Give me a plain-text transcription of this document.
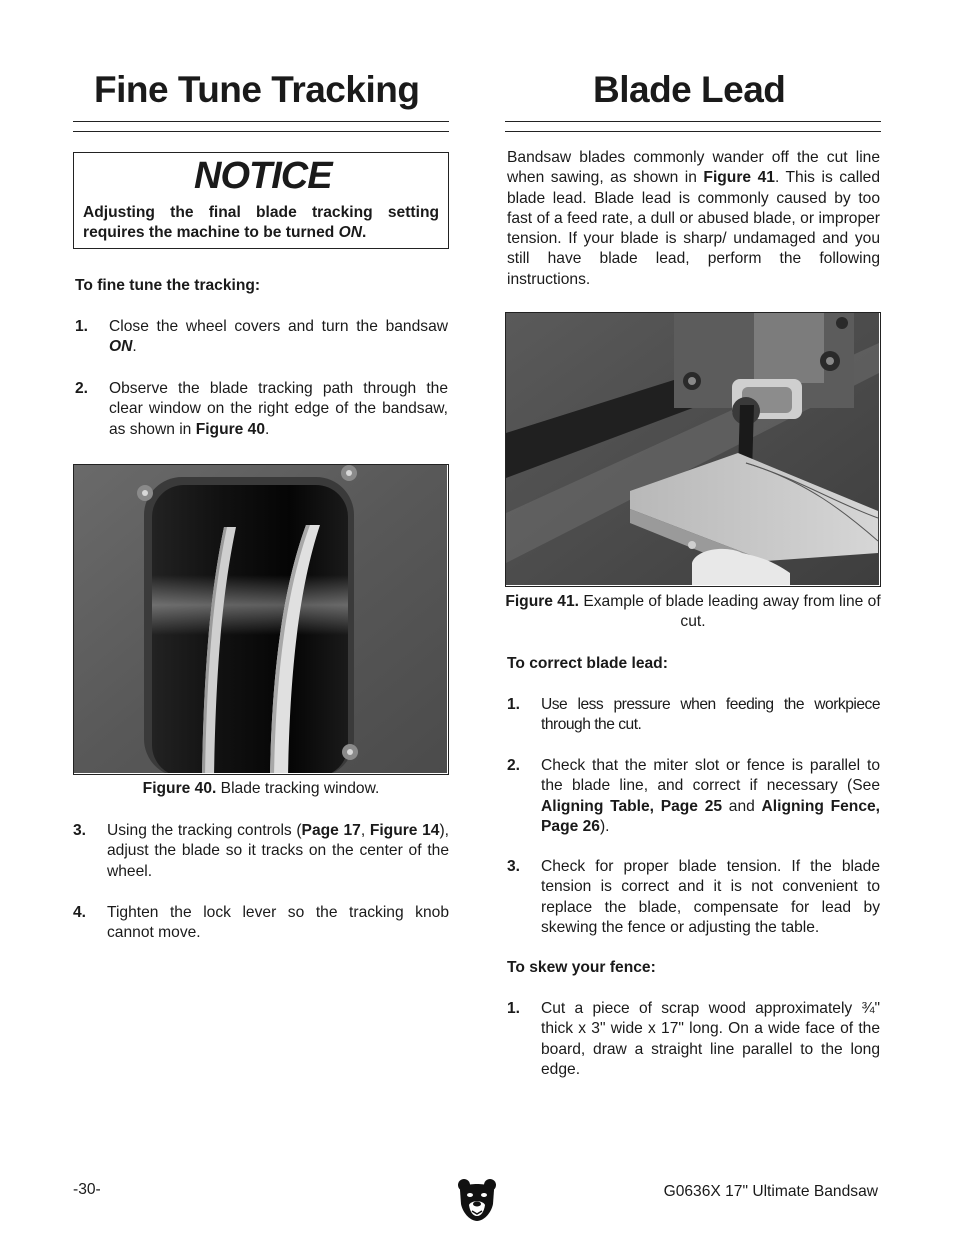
Fine Tune Tracking
NOTICE
Adjusting the final blade tracking setting requires the machine to be turned ON.
To fine tune the tracking:
1. Close the wheel covers and turn the bandsaw ON.
2. Observe the blade tracking path through the clear window on the right edge of the bandsaw, as shown in Figure 40.
Figure 40. Blade tracking window.
3. Using the tracking controls (Page 17, Figure 14), adjust the blade so it tracks on the center of the wheel.
4. Tighten the lock lever so the tracking knob cannot move.
Blade Lead
Bandsaw blades commonly wander off the cut line when sawing, as shown in Figure 41. This is called blade lead. Blade lead is commonly caused by too fast of a feed rate, a dull or abused blade, or improper tension. If your blade is sharp/ undamaged and you still have blade lead, perform the following instructions.
Figure 41. Example of blade leading away from line of cut.
To correct blade lead:
1. Use less pressure when feeding the workpiece through the cut.
2. Check that the miter slot or fence is parallel to the blade line, and correct if necessary (See Aligning Table, Page 25 and Aligning Fence, Page 26).
3. Check for proper blade tension. If the blade tension is correct and it is not convenient to replace the blade, compensate for lead by skewing the fence or adjusting the table.
To skew your fence:
1. Cut a piece of scrap wood approximately ¾" thick x 3" wide x 17" long. On a wide face of the board, draw a straight line parallel to the long edge.
-30-	G0636X 17" Ultimate Bandsaw
